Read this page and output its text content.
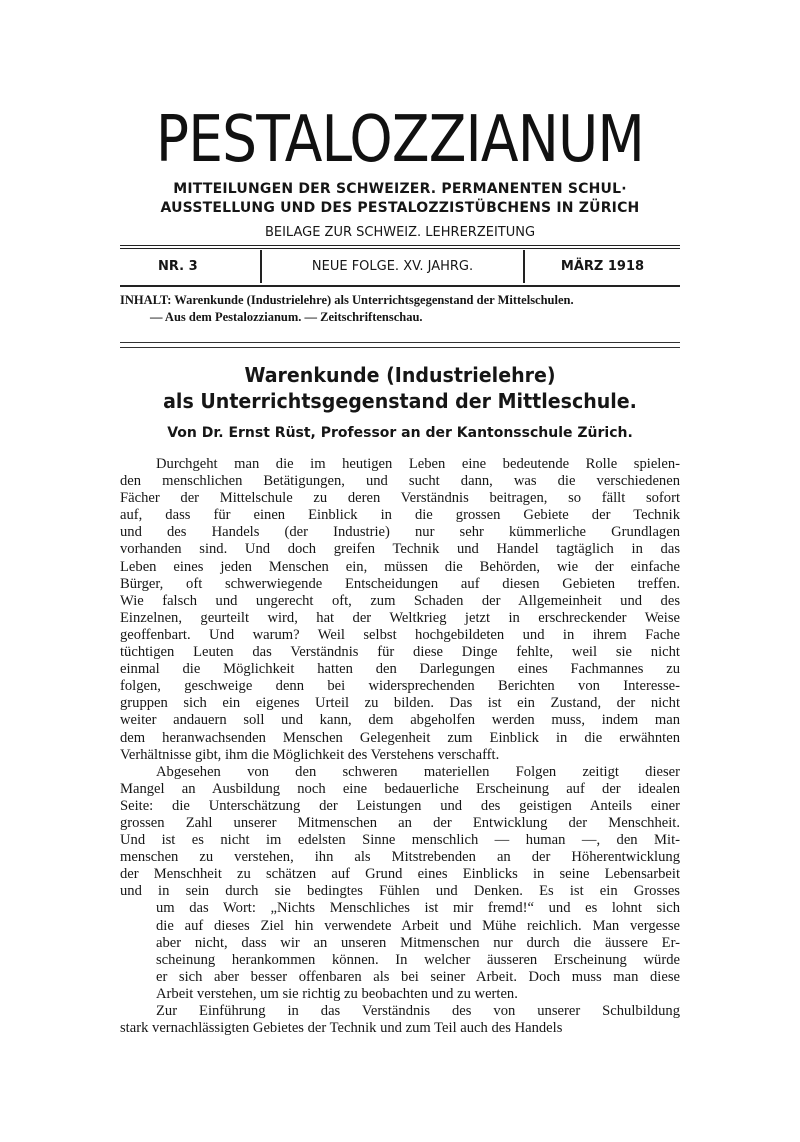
PESTALOZZIANUM
MITTEILUNGEN DER SCHWEIZER. PERMANENTEN SCHUL·
AUSSTELLUNG UND DES PESTALOZZISTÜBCHENS IN ZÜRICH
BEILAGE ZUR SCHWEIZ. LEHRERZEITUNG
NR. 3	NEUE FOLGE. XV. JAHRG.	MÄRZ 1918
INHALT: Warenkunde (Industrielehre) als Unterrichtsgegenstand der Mittelschulen.
— Aus dem Pestalozzianum. — Zeitschriftenschau.
Warenkunde (Industrielehre)
als Unterrichtsgegenstand der Mittleschule.
Von Dr. Ernst Rüst, Professor an der Kantonsschule Zürich.
Durchgeht man die im heutigen Leben eine bedeutende Rolle spielen-
den menschlichen Betätigungen, und sucht dann, was die verschiedenen
Fächer der Mittelschule zu deren Verständnis beitragen, so fällt sofort
auf, dass für einen Einblick in die grossen Gebiete der Technik
und des Handels (der Industrie) nur sehr kümmerliche Grundlagen
vorhanden sind. Und doch greifen Technik und Handel tagtäglich in das
Leben eines jeden Menschen ein, müssen die Behörden, wie der einfache
Bürger, oft schwerwiegende Entscheidungen auf diesen Gebieten treffen.
Wie falsch und ungerecht oft, zum Schaden der Allgemeinheit und des
Einzelnen, geurteilt wird, hat der Weltkrieg jetzt in erschreckender Weise
geoffenbart. Und warum? Weil selbst hochgebildeten und in ihrem Fache
tüchtigen Leuten das Verständnis für diese Dinge fehlte, weil sie nicht
einmal die Möglichkeit hatten den Darlegungen eines Fachmannes zu
folgen, geschweige denn bei widersprechenden Berichten von Interesse-
gruppen sich ein eigenes Urteil zu bilden. Das ist ein Zustand, der nicht
weiter andauern soll und kann, dem abgeholfen werden muss, indem man
dem heranwachsenden Menschen Gelegenheit zum Einblick in die erwähnten
Verhältnisse gibt, ihm die Möglichkeit des Verstehens verschafft.
Abgesehen von den schweren materiellen Folgen zeitigt dieser
Mangel an Ausbildung noch eine bedauerliche Erscheinung auf der idealen
Seite: die Unterschätzung der Leistungen und des geistigen Anteils einer
grossen Zahl unserer Mitmenschen an der Entwicklung der Menschheit.
Und ist es nicht im edelsten Sinne menschlich — human —, den Mit-
menschen zu verstehen, ihn als Mitstrebenden an der Höherentwicklung
der Menschheit zu schätzen auf Grund eines Einblicks in seine Lebensarbeit
und in sein durch sie bedingtes Fühlen und Denken. Es ist ein Grosses
um das Wort: „Nichts Menschliches ist mir fremd!“ und es lohnt sich
die auf dieses Ziel hin verwendete Arbeit und Mühe reichlich. Man vergesse
aber nicht, dass wir an unseren Mitmenschen nur durch die äussere Er-
scheinung herankommen können. In welcher äusseren Erscheinung würde
er sich aber besser offenbaren als bei seiner Arbeit. Doch muss man diese
Arbeit verstehen, um sie richtig zu beobachten und zu werten.
Zur Einführung in das Verständnis des von unserer Schulbildung
stark vernachlässigten Gebietes der Technik und zum Teil auch des Handels
